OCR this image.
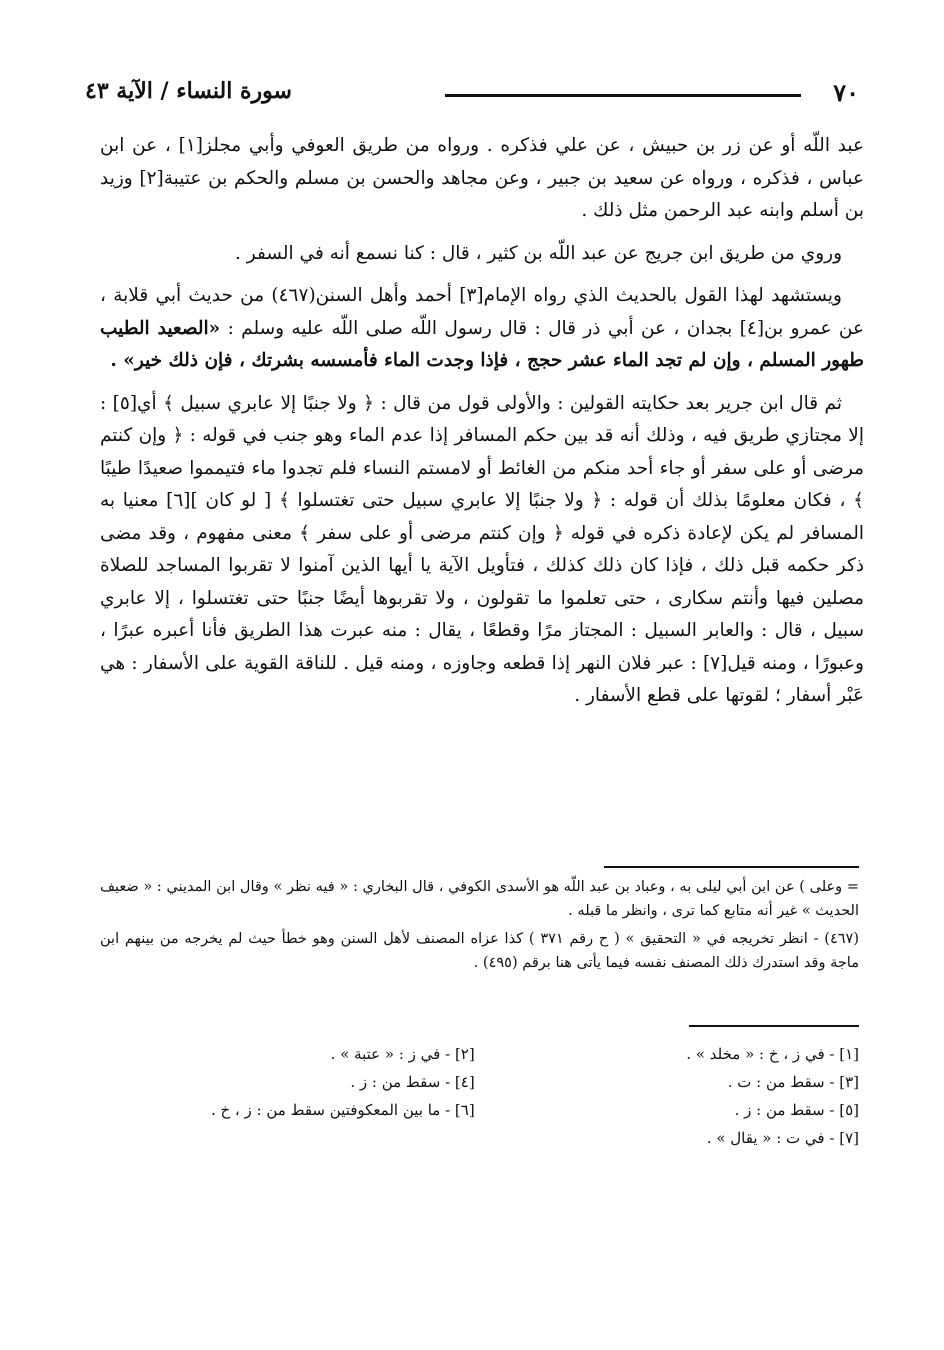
٧٠
سورة النساء / الآية ٤٣

عبد اللّه أو عن زر بن حبيش ، عن علي فذكره . ورواه من طريق العوفي وأبي مجلز[١] ، عن ابن عباس ، فذكره ، ورواه عن سعيد بن جبير ، وعن مجاهد والحسن بن مسلم والحكم بن عتيبة[٢] وزيد بن أسلم وابنه عبد الرحمن مثل ذلك .

وروي من طريق ابن جريج عن عبد اللّه بن كثير ، قال : كنا نسمع أنه في السفر .

ويستشهد لهذا القول بالحديث الذي رواه الإمام[٣] أحمد وأهل السنن(٤٦٧) من حديث أبي قلابة ، عن عمرو بن[٤] بجدان ، عن أبي ذر قال : قال رسول اللّه صلى اللّه عليه وسلم : «الصعيد الطيب طهور المسلم ، وإن لم تجد الماء عشر حجج ، فإذا وجدت الماء فأمسسه بشرتك ، فإن ذلك خير» .

ثم قال ابن جرير بعد حكايته القولين : والأولى قول من قال : ﴿ ولا جنبًا إلا عابري سبيل ﴾ أي[٥] : إلا مجتازي طريق فيه ، وذلك أنه قد بين حكم المسافر إذا عدم الماء وهو جنب في قوله : ﴿ وإن كنتم مرضى أو على سفر أو جاء أحد منكم من الغائط أو لامستم النساء فلم تجدوا ماء فتيمموا صعيدًا طيبًا ﴾ ، فكان معلومًا بذلك أن قوله : ﴿ ولا جنبًا إلا عابري سبيل حتى تغتسلوا ﴾ [ لو كان ][٦] معنيا به المسافر لم يكن لإعادة ذكره في قوله ﴿ وإن كنتم مرضى أو على سفر ﴾ معنى مفهوم ، وقد مضى ذكر حكمه قبل ذلك ، فإذا كان ذلك كذلك ، فتأويل الآية يا أيها الذين آمنوا لا تقربوا المساجد للصلاة مصلين فيها وأنتم سكارى ، حتى تعلموا ما تقولون ، ولا تقربوها أيضًا جنبًا حتى تغتسلوا ، إلا عابري سبيل ، قال : والعابر السبيل : المجتاز مرًا وقطعًا ، يقال : منه عبرت هذا الطريق فأنا أعبره عبرًا ، وعبورًا ، ومنه قيل[٧] : عبر فلان النهر إذا قطعه وجاوزه ، ومنه قيل . للناقة القوية على الأسفار : هي عَبْر أسفار ؛ لقوتها على قطع الأسفار .

= وعلى ) عن ابن أبي ليلى به ، وعباد بن عبد اللّه هو الأسدى الكوفي ، قال البخاري : « فيه نظر » وقال ابن المديني : « ضعيف الحديث » غير أنه متابع كما ترى ، وانظر ما قبله .

(٤٦٧) - انظر تخريجه في « التحقيق » ( ح رقم ٣٧١ ) كذا عزاه المصنف لأهل السنن وهو خطأ حيث لم يخرجه من بينهم ابن ماجة وقد استدرك ذلك المصنف نفسه فيما يأتى هنا برقم (٤٩٥) .

[١] - في ز ، خ : « مخلد » .
[٣] - سقط من : ت .
[٥] - سقط من : ز .
[٧] - في ت : « يقال » .
[٢] - في ز : « عتبة » .
[٤] - سقط من : ز .
[٦] - ما بين المعكوفتين سقط من : ز ، خ .
